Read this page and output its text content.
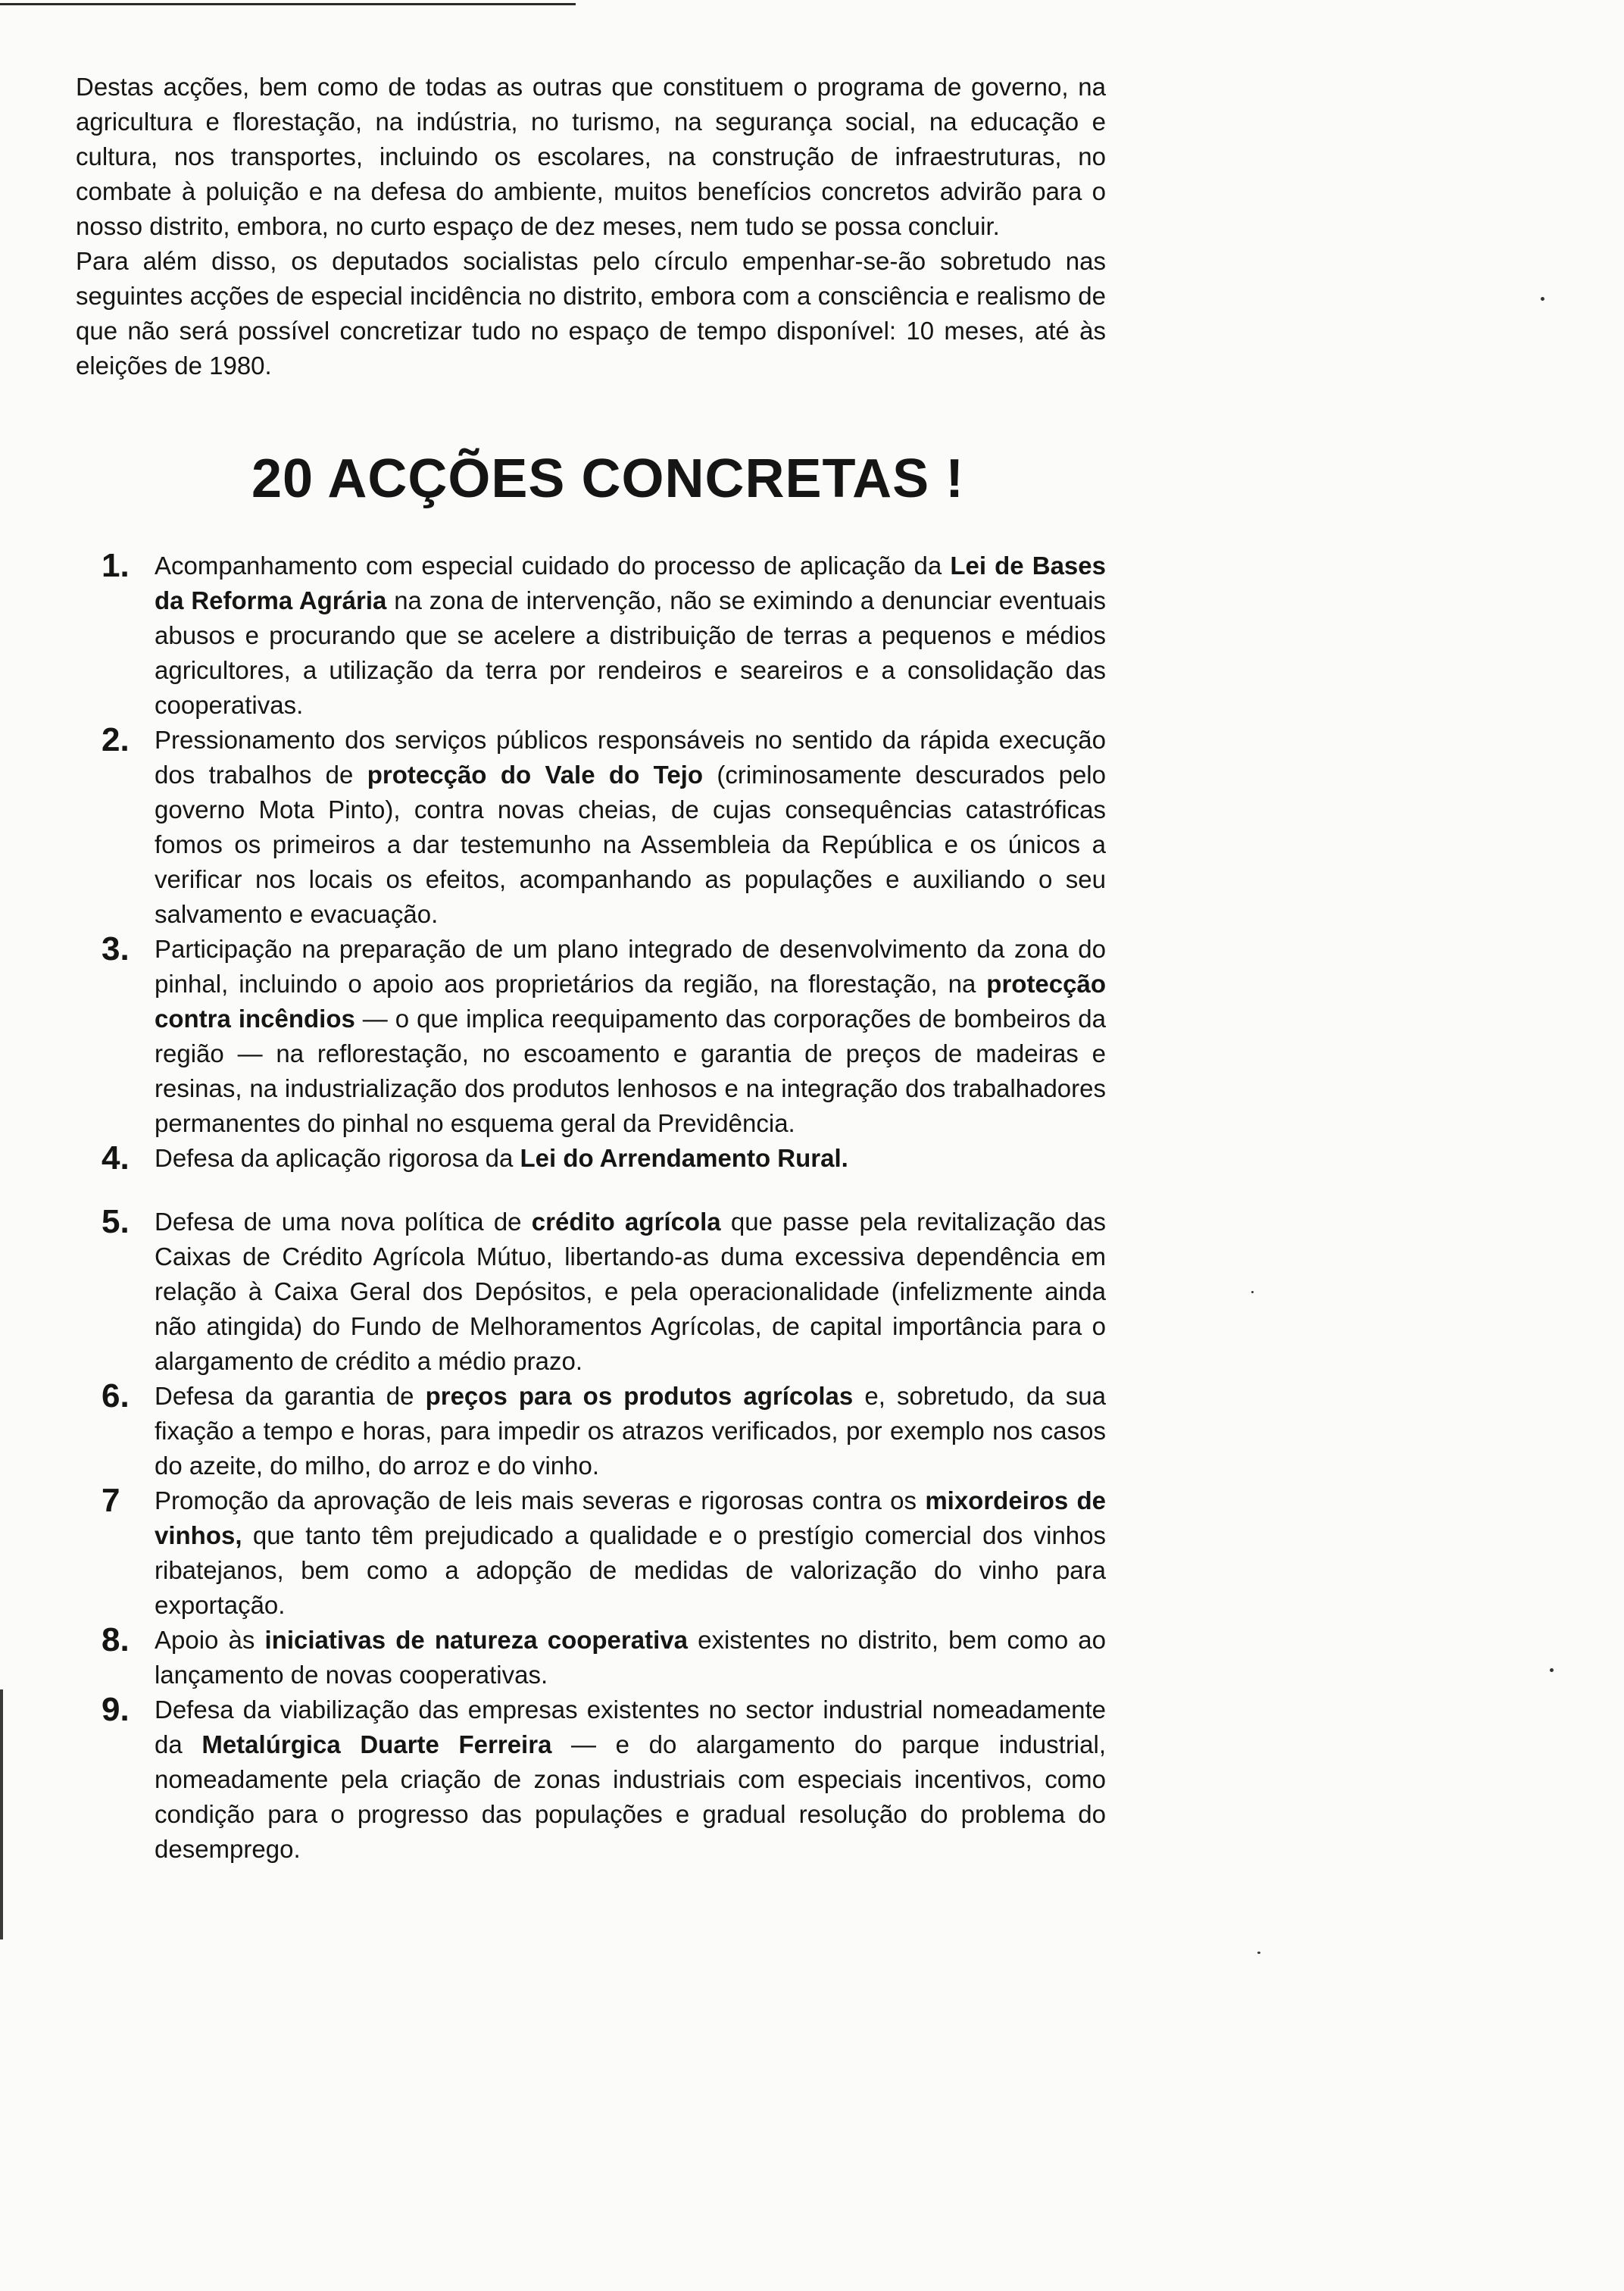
Destas acções, bem como de todas as outras que constituem o programa de governo, na agricultura e florestação, na indústria, no turismo, na segurança social, na educação e cultura, nos transportes, incluindo os escolares, na construção de infraestruturas, no combate à poluição e na defesa do ambiente, muitos benefícios concretos advirão para o nosso distrito, embora, no curto espaço de dez meses, nem tudo se possa concluir.

Para além disso, os deputados socialistas pelo círculo empenhar-se-ão sobretudo nas seguintes acções de especial incidência no distrito, embora com a consciência e realismo de que não será possível concretizar tudo no espaço de tempo disponível: 10 meses, até às eleições de 1980.

20 ACÇÕES CONCRETAS !
1.	Acompanhamento com especial cuidado do processo de aplicação da Lei de Bases da Reforma Agrária na zona de intervenção, não se eximindo a denunciar eventuais abusos e procurando que se acelere a distribuição de terras a pequenos e médios agricultores, a utilização da terra por rendeiros e seareiros e a consolidação das cooperativas.
2.	Pressionamento dos serviços públicos responsáveis no sentido da rápida execução dos trabalhos de protecção do Vale do Tejo (criminosamente descurados pelo governo Mota Pinto), contra novas cheias, de cujas consequências catastróficas fomos os primeiros a dar testemunho na Assembleia da República e os únicos a verificar nos locais os efeitos, acompanhando as populações e auxiliando o seu salvamento e evacuação.
3.	Participação na preparação de um plano integrado de desenvolvimento da zona do pinhal, incluindo o apoio aos proprietários da região, na florestação, na protecção contra incêndios — o que implica reequipamento das corporações de bombeiros da região — na reflorestação, no escoamento e garantia de preços de madeiras e resinas, na industrialização dos produtos lenhosos e na integração dos trabalhadores permanentes do pinhal no esquema geral da Previdência.
4.	Defesa da aplicação rigorosa da Lei do Arrendamento Rural.
5.	Defesa de uma nova política de crédito agrícola que passe pela revitalização das Caixas de Crédito Agrícola Mútuo, libertando-as duma excessiva dependência em relação à Caixa Geral dos Depósitos, e pela operacionalidade (infelizmente ainda não atingida) do Fundo de Melhoramentos Agrícolas, de capital importância para o alargamento de crédito a médio prazo.
6.	Defesa da garantia de preços para os produtos agrícolas e, sobretudo, da sua fixação a tempo e horas, para impedir os atrazos verificados, por exemplo nos casos do azeite, do milho, do arroz e do vinho.
7	Promoção da aprovação de leis mais severas e rigorosas contra os mixordeiros de vinhos, que tanto têm prejudicado a qualidade e o prestígio comercial dos vinhos ribatejanos, bem como a adopção de medidas de valorização do vinho para exportação.
8.	Apoio às iniciativas de natureza cooperativa existentes no distrito, bem como ao lançamento de novas cooperativas.
9.	Defesa da viabilização das empresas existentes no sector industrial nomeadamente da Metalúrgica Duarte Ferreira — e do alargamento do parque industrial, nomeadamente pela criação de zonas industriais com especiais incentivos, como condição para o progresso das populações e gradual resolução do problema do desemprego.
